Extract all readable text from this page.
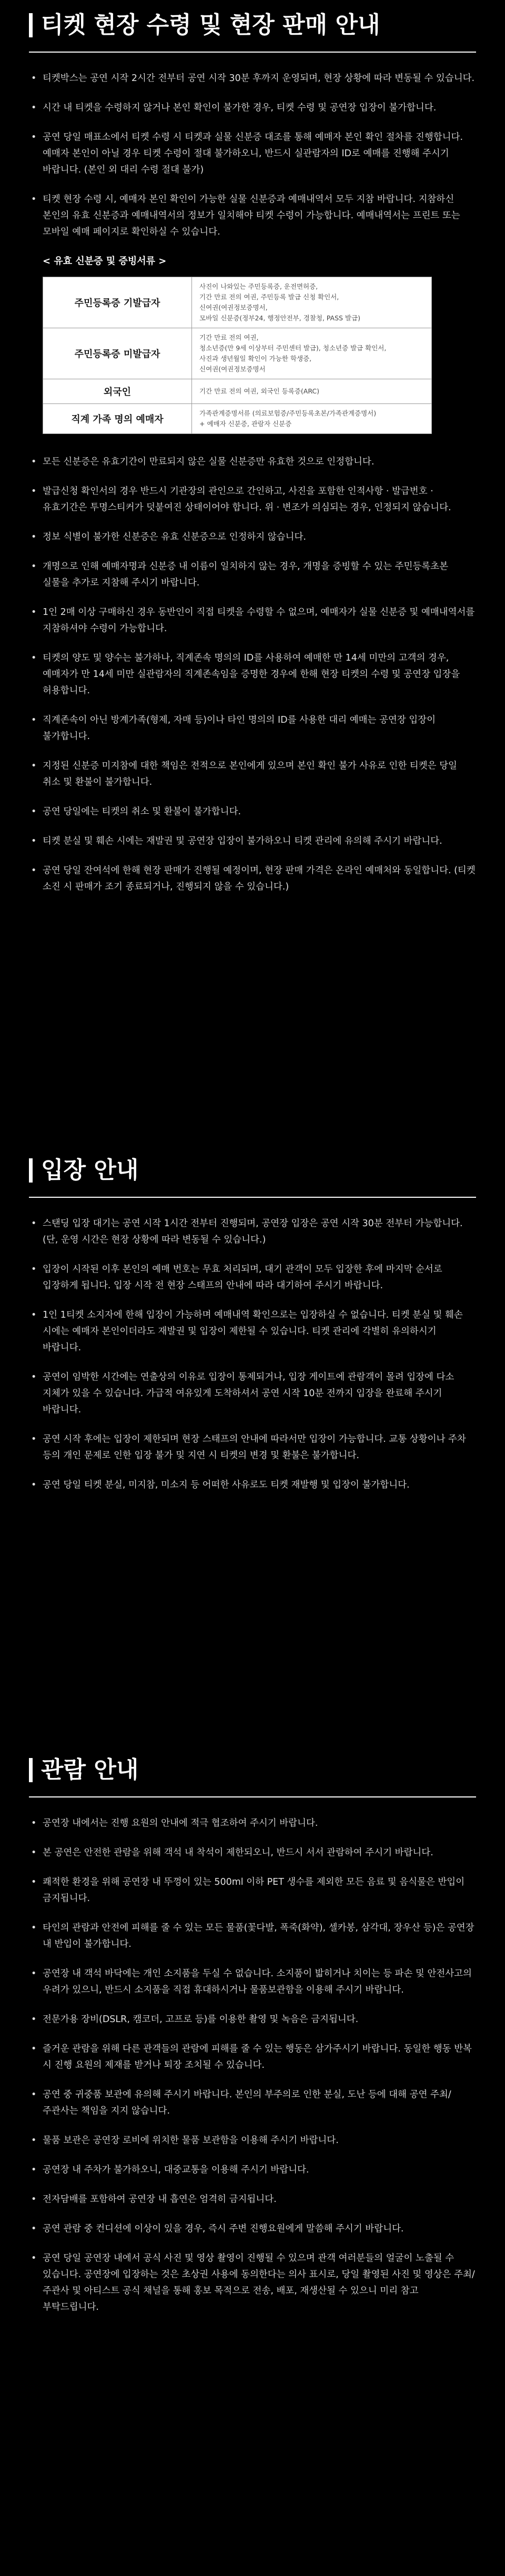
티켓 현장 수령 및 현장 판매 안내
• 티켓박스는 공연 시작 2시간 전부터 공연 시작 30분 후까지 운영되며, 현장 상황에 따라 변동될 수 있습니다.
• 시간 내 티켓을 수령하지 않거나 본인 확인이 불가한 경우, 티켓 수령 및 공연장 입장이 불가합니다.
• 공연 당일 매표소에서 티켓 수령 시 티켓과 실물 신분증 대조를 통해 예매자 본인 확인 절차를 진행합니다. 예매자 본인이 아닐 경우 티켓 수령이 절대 불가하오니, 반드시 실관람자의 ID로 예매를 진행해 주시기 바랍니다. (본인 외 대리 수령 절대 불가)
• 티켓 현장 수령 시, 예매자 본인 확인이 가능한 실물 신분증과 예매내역서 모두 지참 바랍니다. 지참하신 본인의 유효 신분증과 예매내역서의 정보가 일치해야 티켓 수령이 가능합니다. 예매내역서는 프린트 또는 모바일 예매 페이지로 확인하실 수 있습니다.

< 유효 신분증 및 증빙서류 >

주민등록증 기발급자	사진이 나와있는 주민등록증, 운전면허증,
기간 만료 전의 여권, 주민등록 발급 신청 확인서,
신여권(여권정보증명서,
모바일 신분증(정부24, 행정안전부, 경찰청, PASS 발급)
주민등록증 미발급자	기간 만료 전의 여권,
청소년증(만 9세 이상부터 주민센터 발급), 청소년증 발급 확인서,
사진과 생년월일 확인이 가능한 학생증,
신여권(여권정보증명서
외국인	기간 만료 전의 여권, 외국인 등록증(ARC)
직계 가족 명의 예매자	가족관계증명서류 (의료보험증/주민등록초본/가족관계증명서)
+ 예매자 신분증, 관람자 신분증
• 모든 신분증은 유효기간이 만료되지 않은 실물 신분증만 유효한 것으로 인정합니다.
• 발급신청 확인서의 경우 반드시 기관장의 관인으로 간인하고, 사진을 포함한 인적사항 · 발급번호 · 유효기간은 투명스티커가 덧붙여진 상태이어야 합니다. 위 · 변조가 의심되는 경우, 인정되지 않습니다.
• 정보 식별이 불가한 신분증은 유효 신분증으로 인정하지 않습니다.
• 개명으로 인해 예매자명과 신분증 내 이름이 일치하지 않는 경우, 개명을 증빙할 수 있는 주민등록초본 실물을 추가로 지참해 주시기 바랍니다.
• 1인 2매 이상 구매하신 경우 동반인이 직접 티켓을 수령할 수 없으며, 예매자가 실물 신분증 및 예매내역서를 지참하셔야 수령이 가능합니다.
• 티켓의 양도 및 양수는 불가하나, 직계존속 명의의 ID를 사용하여 예매한 만 14세 미만의 고객의 경우, 예매자가 만 14세 미만 실관람자의 직계존속임을 증명한 경우에 한해 현장 티켓의 수령 및 공연장 입장을 허용합니다.
• 직계존속이 아닌 방계가족(형제, 자매 등)이나 타인 명의의 ID를 사용한 대리 예매는 공연장 입장이 불가합니다.
• 지정된 신분증 미지참에 대한 책임은 전적으로 본인에게 있으며 본인 확인 불가 사유로 인한 티켓은 당일 취소 및 환불이 불가합니다.
• 공연 당일에는 티켓의 취소 및 환불이 불가합니다.
• 티켓 분실 및 훼손 시에는 재발권 및 공연장 입장이 불가하오니 티켓 관리에 유의해 주시기 바랍니다.
• 공연 당일 잔여석에 한해 현장 판매가 진행될 예정이며, 현장 판매 가격은 온라인 예매처와 동일합니다. (티켓 소진 시 판매가 조기 종료되거나, 진행되지 않을 수 있습니다.)
입장 안내
• 스탠딩 입장 대기는 공연 시작 1시간 전부터 진행되며, 공연장 입장은 공연 시작 30분 전부터 가능합니다. (단, 운영 시간은 현장 상황에 따라 변동될 수 있습니다.)
• 입장이 시작된 이후 본인의 예매 번호는 무효 처리되며, 대기 관객이 모두 입장한 후에 마지막 순서로 입장하게 됩니다. 입장 시작 전 현장 스태프의 안내에 따라 대기하여 주시기 바랍니다.
• 1인 1티켓 소지자에 한해 입장이 가능하며 예매내역 확인으로는 입장하실 수 없습니다. 티켓 분실 및 훼손 시에는 예매자 본인이더라도 재발권 및 입장이 제한될 수 있습니다. 티켓 관리에 각별히 유의하시기 바랍니다.
• 공연이 임박한 시간에는 연출상의 이유로 입장이 통제되거나, 입장 게이트에 관람객이 몰려 입장에 다소 지체가 있을 수 있습니다. 가급적 여유있게 도착하셔서 공연 시작 10분 전까지 입장을 완료해 주시기 바랍니다.
• 공연 시작 후에는 입장이 제한되며 현장 스태프의 안내에 따라서만 입장이 가능합니다. 교통 상황이나 주차 등의 개인 문제로 인한 입장 불가 및 지연 시 티켓의 변경 및 환불은 불가합니다.
• 공연 당일 티켓 분실, 미지참, 미소지 등 어떠한 사유로도 티켓 재발행 및 입장이 불가합니다.
관람 안내
• 공연장 내에서는 진행 요원의 안내에 적극 협조하여 주시기 바랍니다.
• 본 공연은 안전한 관람을 위해 객석 내 착석이 제한되오니, 반드시 서서 관람하여 주시기 바랍니다.
• 쾌적한 환경을 위해 공연장 내 뚜껑이 있는 500ml 이하 PET 생수를 제외한 모든 음료 및 음식물은 반입이 금지됩니다.
• 타인의 관람과 안전에 피해를 줄 수 있는 모든 물품(꽃다발, 폭죽(화약), 셀카봉, 삼각대, 장우산 등)은 공연장 내 반입이 불가합니다.
• 공연장 내 객석 바닥에는 개인 소지품을 두실 수 없습니다. 소지품이 밟히거나 치이는 등 파손 및 안전사고의 우려가 있으니, 반드시 소지품을 직접 휴대하시거나 물품보관함을 이용해 주시기 바랍니다.
• 전문가용 장비(DSLR, 캠코더, 고프로 등)를 이용한 촬영 및 녹음은 금지됩니다.
• 즐거운 관람을 위해 다른 관객들의 관람에 피해를 줄 수 있는 행동은 삼가주시기 바랍니다. 동일한 행동 반복 시 진행 요원의 제재를 받거나 퇴장 조치될 수 있습니다.
• 공연 중 귀중품 보관에 유의해 주시기 바랍니다. 본인의 부주의로 인한 분실, 도난 등에 대해 공연 주최/주관사는 책임을 지지 않습니다.
• 물품 보관은 공연장 로비에 위치한 물품 보관함을 이용해 주시기 바랍니다.
• 공연장 내 주차가 불가하오니, 대중교통을 이용해 주시기 바랍니다.
• 전자담배를 포함하여 공연장 내 흡연은 엄격히 금지됩니다.
• 공연 관람 중 컨디션에 이상이 있을 경우, 즉시 주변 진행요원에게 말씀해 주시기 바랍니다.
• 공연 당일 공연장 내에서 공식 사진 및 영상 촬영이 진행될 수 있으며 관객 여러분들의 얼굴이 노출될 수 있습니다. 공연장에 입장하는 것은 초상권 사용에 동의한다는 의사 표시로, 당일 촬영된 사진 및 영상은 주최/주관사 및 아티스트 공식 채널을 통해 홍보 목적으로 전송, 배포, 재생산될 수 있으니 미리 참고 부탁드립니다.
